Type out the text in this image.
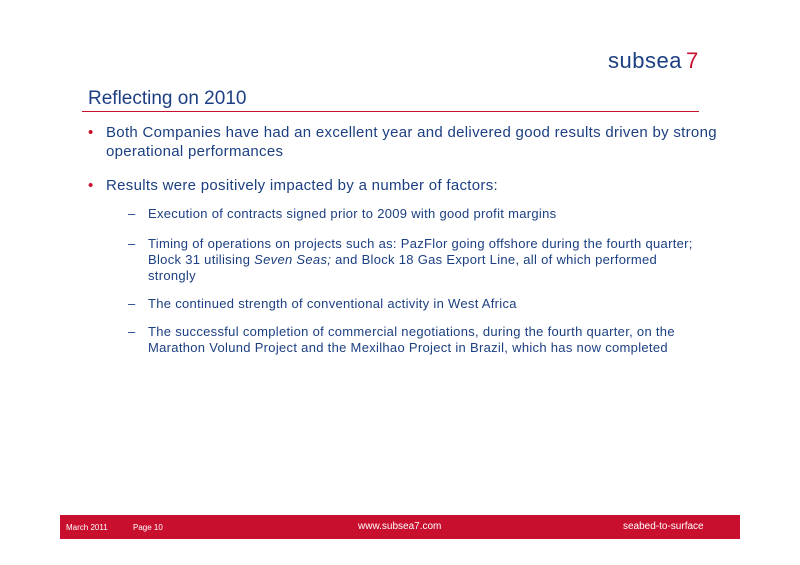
subsea 7
Reflecting on 2010
• Both Companies have had an excellent year and delivered good results driven by strong operational performances
• Results were positively impacted by a number of factors:
– Execution of contracts signed prior to 2009 with good profit margins
– Timing of operations on projects such as: PazFlor going offshore during the fourth quarter; Block 31 utilising Seven Seas; and Block 18 Gas Export Line, all of which performed strongly
– The continued strength of conventional activity in West Africa
– The successful completion of commercial negotiations, during the fourth quarter, on the Marathon Volund Project and the Mexilhao Project in Brazil, which has now completed
March 2011	Page 10	www.subsea7.com	seabed-to-surface
